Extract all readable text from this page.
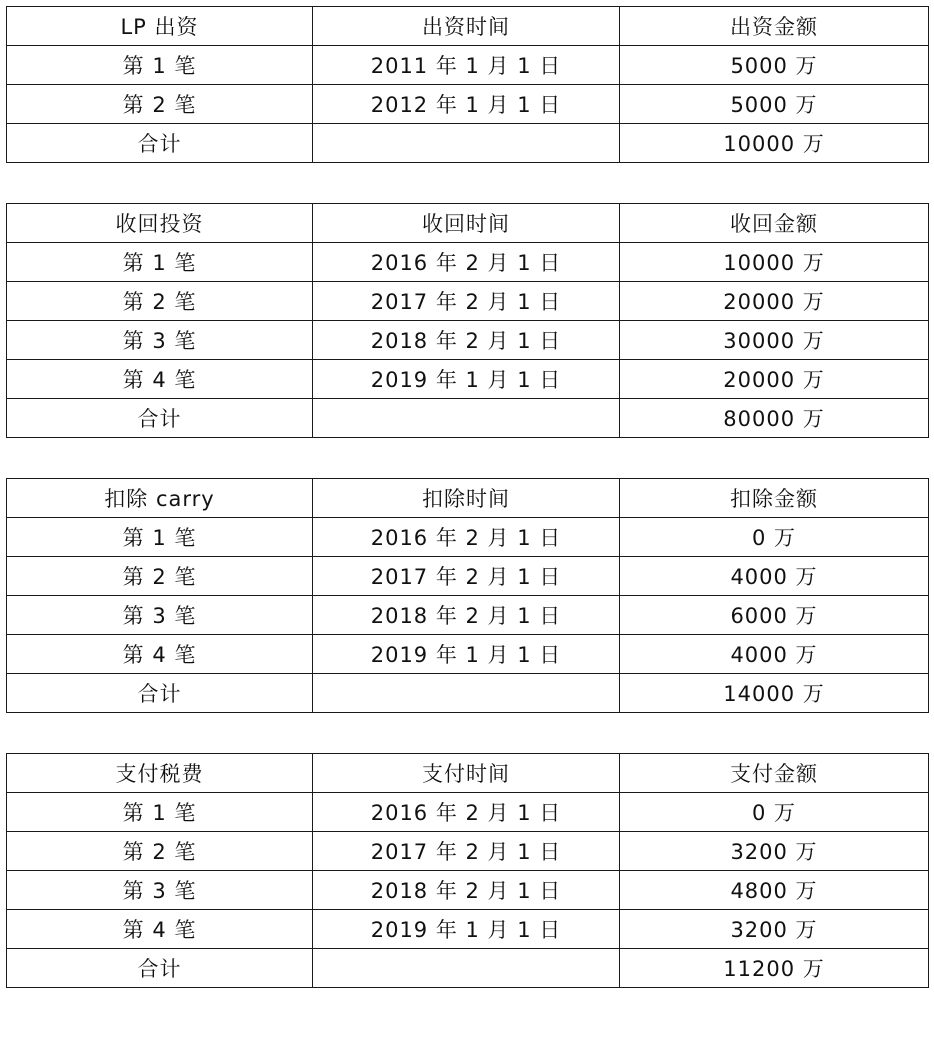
LP 出资	出资时间	出资金额
第 1 笔	2011 年 1 月 1 日	5000 万
第 2 笔	2012 年 1 月 1 日	5000 万
合计		10000 万
收回投资	收回时间	收回金额
第 1 笔	2016 年 2 月 1 日	10000 万
第 2 笔	2017 年 2 月 1 日	20000 万
第 3 笔	2018 年 2 月 1 日	30000 万
第 4 笔	2019 年 1 月 1 日	20000 万
合计		80000 万
扣除 carry	扣除时间	扣除金额
第 1 笔	2016 年 2 月 1 日	0 万
第 2 笔	2017 年 2 月 1 日	4000 万
第 3 笔	2018 年 2 月 1 日	6000 万
第 4 笔	2019 年 1 月 1 日	4000 万
合计		14000 万
支付税费	支付时间	支付金额
第 1 笔	2016 年 2 月 1 日	0 万
第 2 笔	2017 年 2 月 1 日	3200 万
第 3 笔	2018 年 2 月 1 日	4800 万
第 4 笔	2019 年 1 月 1 日	3200 万
合计		11200 万
